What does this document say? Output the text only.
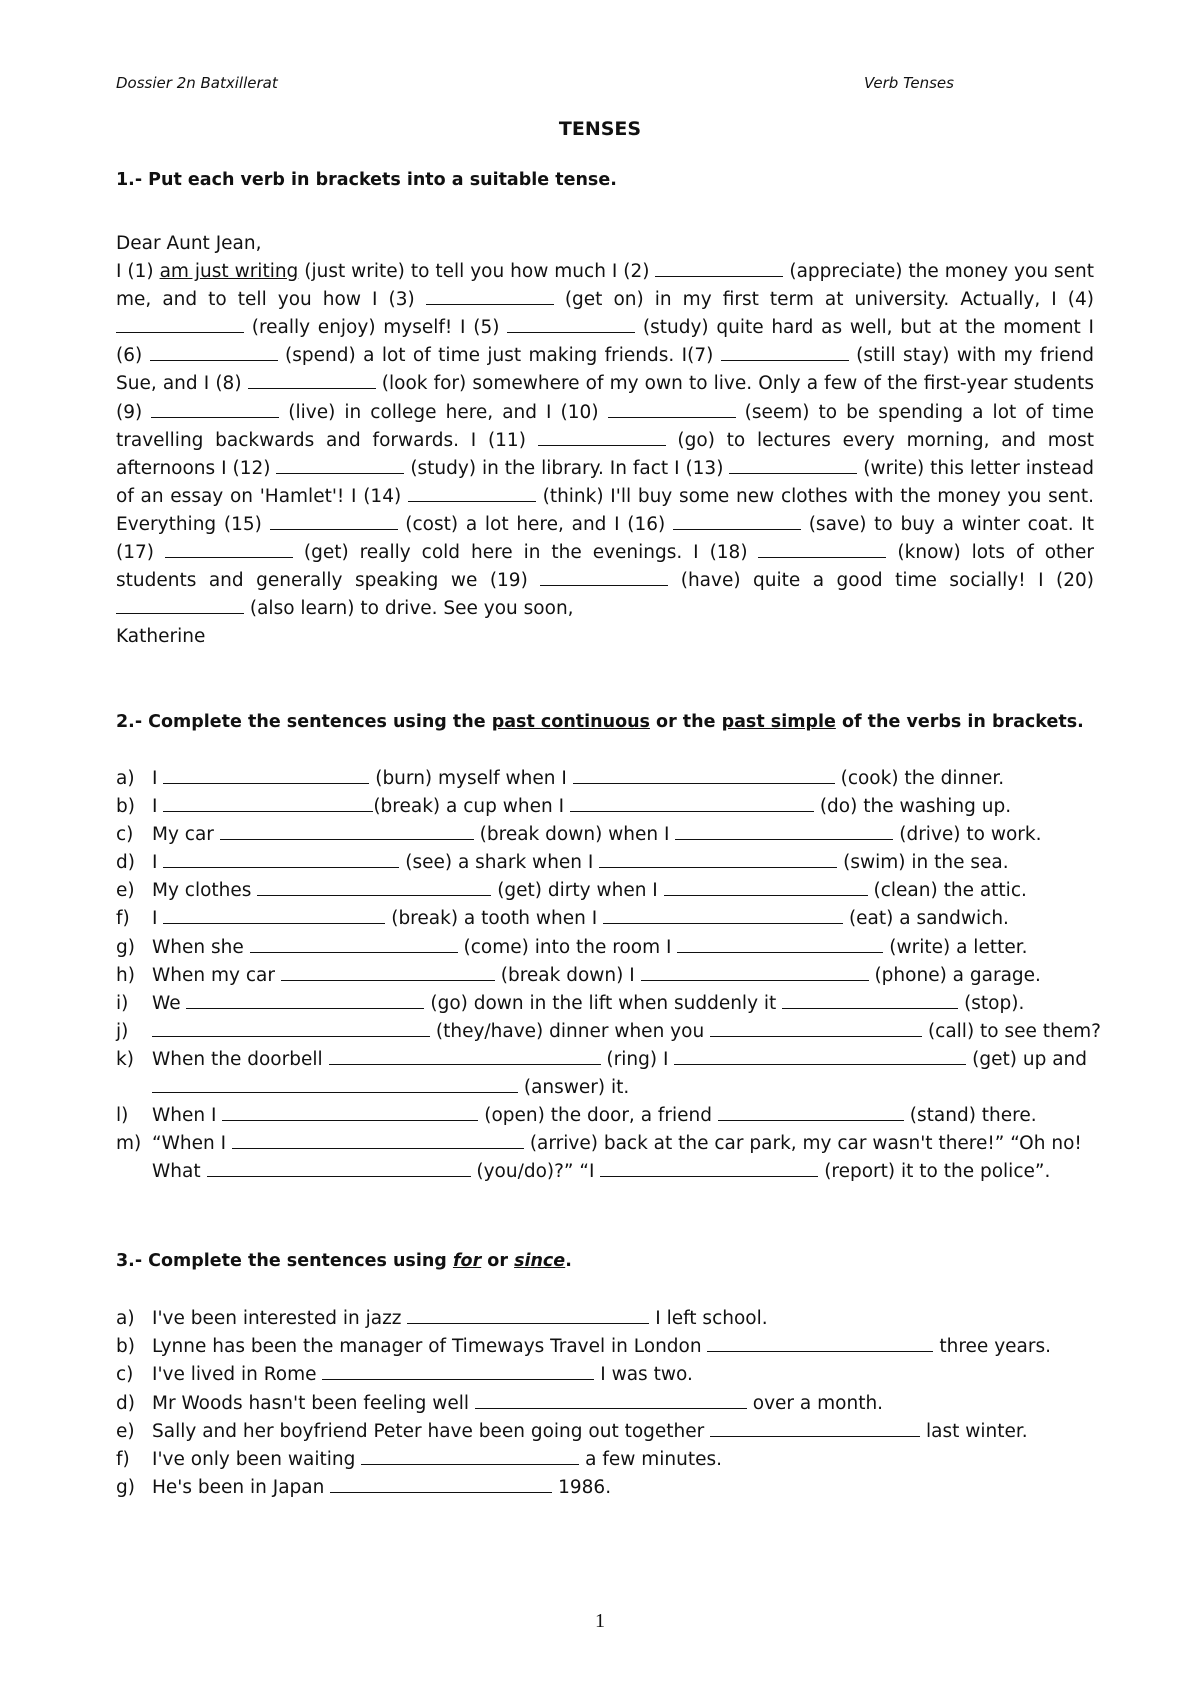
Dossier 2n Batxillerat	Verb Tenses
TENSES
1.- Put each verb in brackets into a suitable tense.
Dear Aunt Jean,
I (1) am just writing (just write) to tell you how much I (2)	(appreciate) the money you sent me, and to tell you how I (3)	(get on) in my first term at university. Actually, I (4)  (really enjoy) myself! I (5)	(study) quite hard as well, but at the moment I (6)	(spend) a lot of time just making friends. I(7)	(still stay) with my friend Sue, and I (8)	(look for) somewhere of my own to live. Only a few of the first-year students (9)	(live) in college here, and I (10)	(seem) to be spending a lot of time travelling backwards and forwards. I (11)	(go) to lectures every morning, and most afternoons I (12)	(study) in the library. In fact I (13)	(write) this letter instead of an essay on 'Hamlet'! I (14)	(think) I'll buy some new clothes with the money you sent. Everything (15)	(cost) a lot here, and I (16)	(save) to buy a winter coat. It (17)	(get) really cold here in the evenings. I (18)	(know) lots of other students and generally speaking we (19)	(have) quite a good time socially! I (20)  (also learn) to drive. See you soon,
Katherine
2.- Complete the sentences using the past continuous or the past simple of the verbs in brackets.
a) I	(burn) myself when I	(cook) the dinner.
b) I	(break) a cup when I	(do) the washing up.
c) My car	(break down) when I	(drive) to work.
d) I	(see) a shark when I	(swim) in the sea.
e) My clothes	(get) dirty when I	(clean) the attic.
f) I	(break) a tooth when I	(eat) a sandwich.
g) When she	(come) into the room I	(write) a letter.
h) When my car	(break down) I	(phone) a garage.
i) We	(go) down in the lift when suddenly it	(stop).
j)	(they/have) dinner when you	(call) to see them?
k) When the doorbell	(ring) I	(get) up and
(answer) it.
l) When I	(open) the door, a friend	(stand) there.
m) “When I	(arrive) back at the car park, my car wasn't there!” “Oh no!
What	(you/do)?” “I	(report) it to the police”.
3.- Complete the sentences using for or since.
a) I've been interested in jazz	I left school.
b) Lynne has been the manager of Timeways Travel in London	three years.
c) I've lived in Rome	I was two.
d) Mr Woods hasn't been feeling well	over a month.
e) Sally and her boyfriend Peter have been going out together	last winter.
f) I've only been waiting	a few minutes.
g) He's been in Japan	1986.
1
